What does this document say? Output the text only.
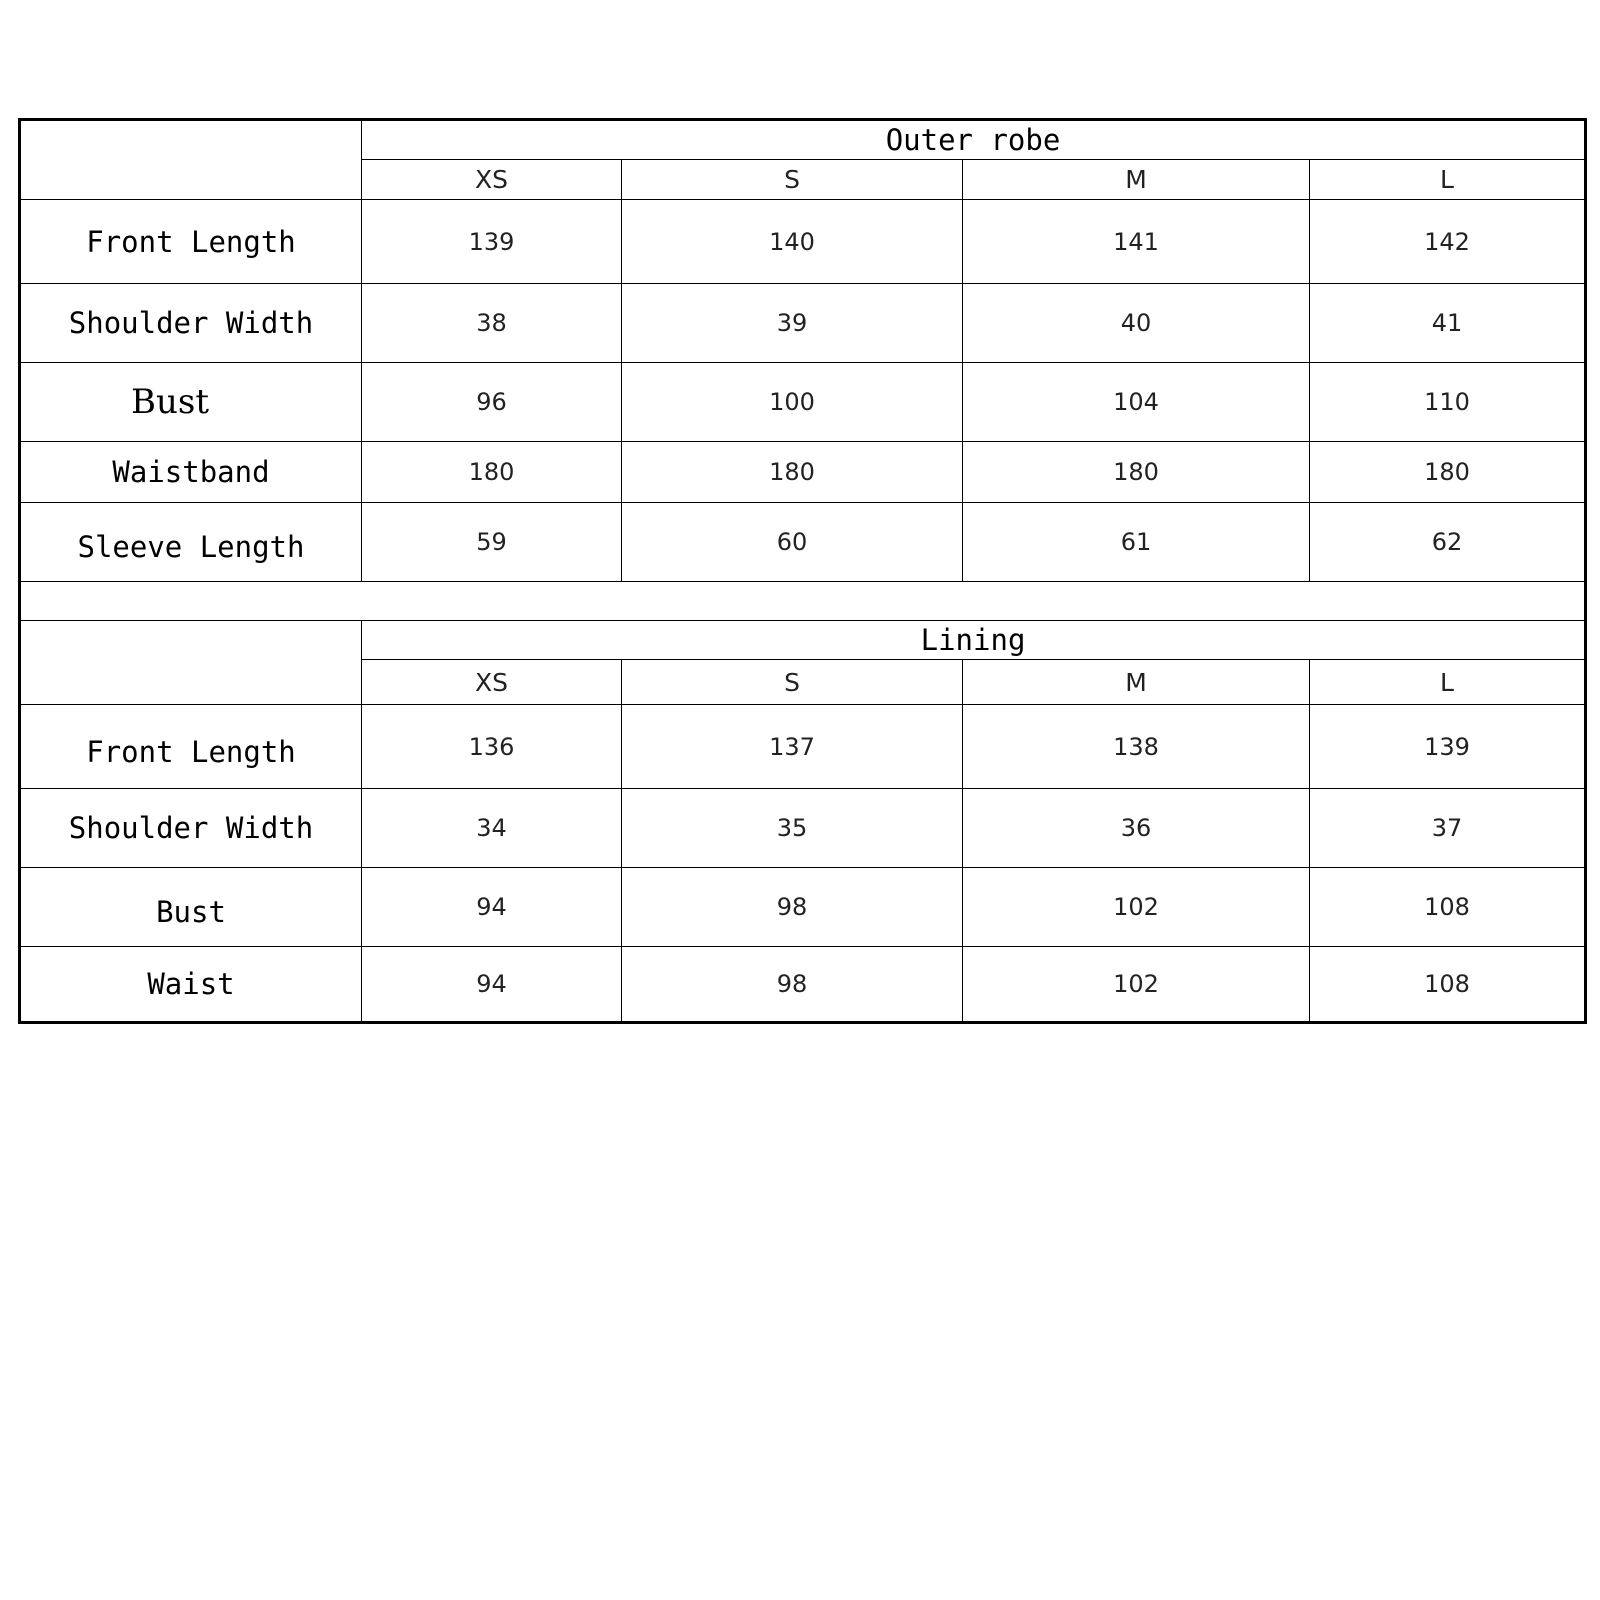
	Outer robe			
	XS	S	M	L
Front Length	139	140	141	142
Shoulder Width	38	39	40	41
Bust	96	100	104	110
Waistband	180	180	180	180
Sleeve Length	59	60	61	62

	Lining			
	XS	S	M	L
Front Length	136	137	138	139
Shoulder Width	34	35	36	37
Bust	94	98	102	108
Waist	94	98	102	108
